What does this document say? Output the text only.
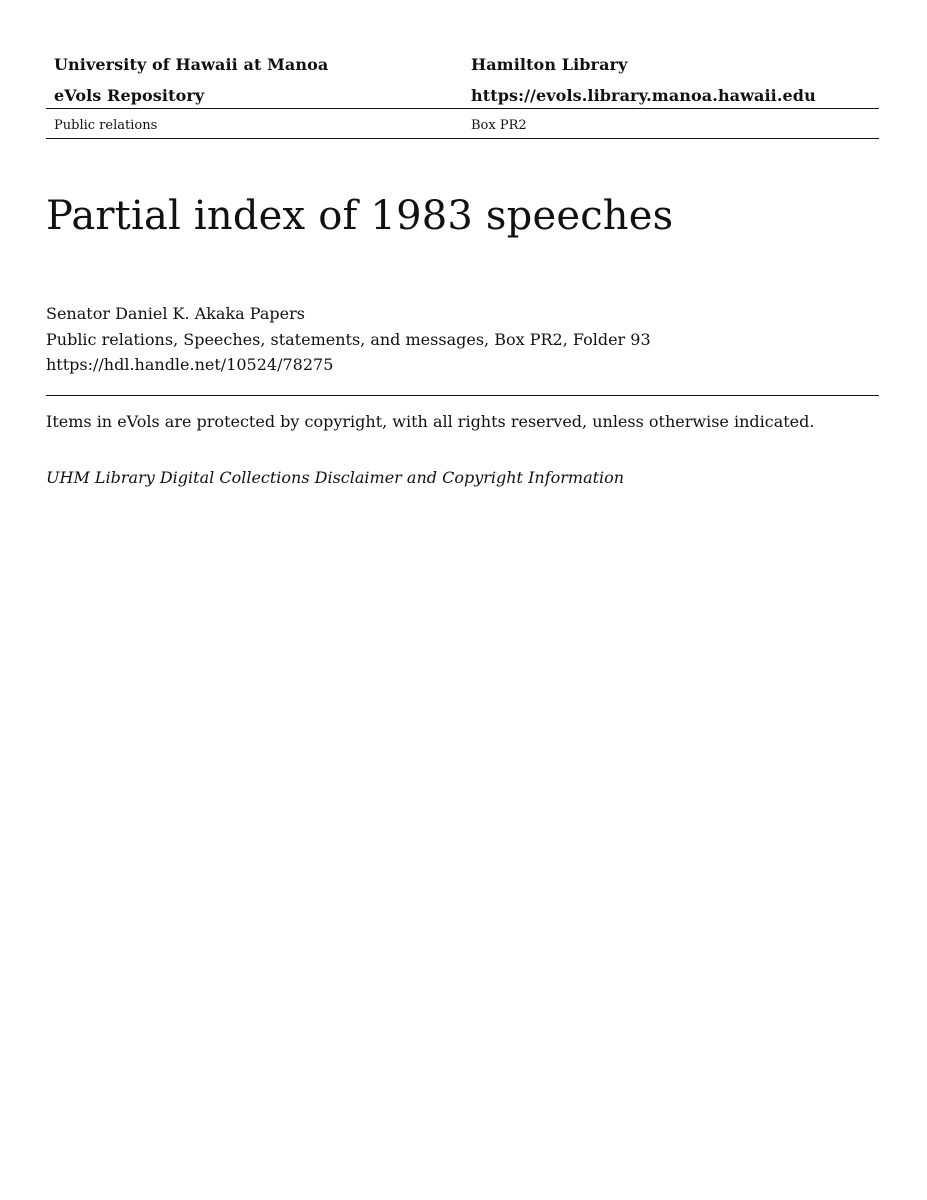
University of Hawaii at Manoa	Hamilton Library
eVols Repository	https://evols.library.manoa.hawaii.edu
Public relations	Box PR2
Partial index of 1983 speeches
Senator Daniel K. Akaka Papers
Public relations, Speeches, statements, and messages, Box PR2, Folder 93
https://hdl.handle.net/10524/78275
Items in eVols are protected by copyright, with all rights reserved, unless otherwise indicated.
UHM Library Digital Collections Disclaimer and Copyright Information
